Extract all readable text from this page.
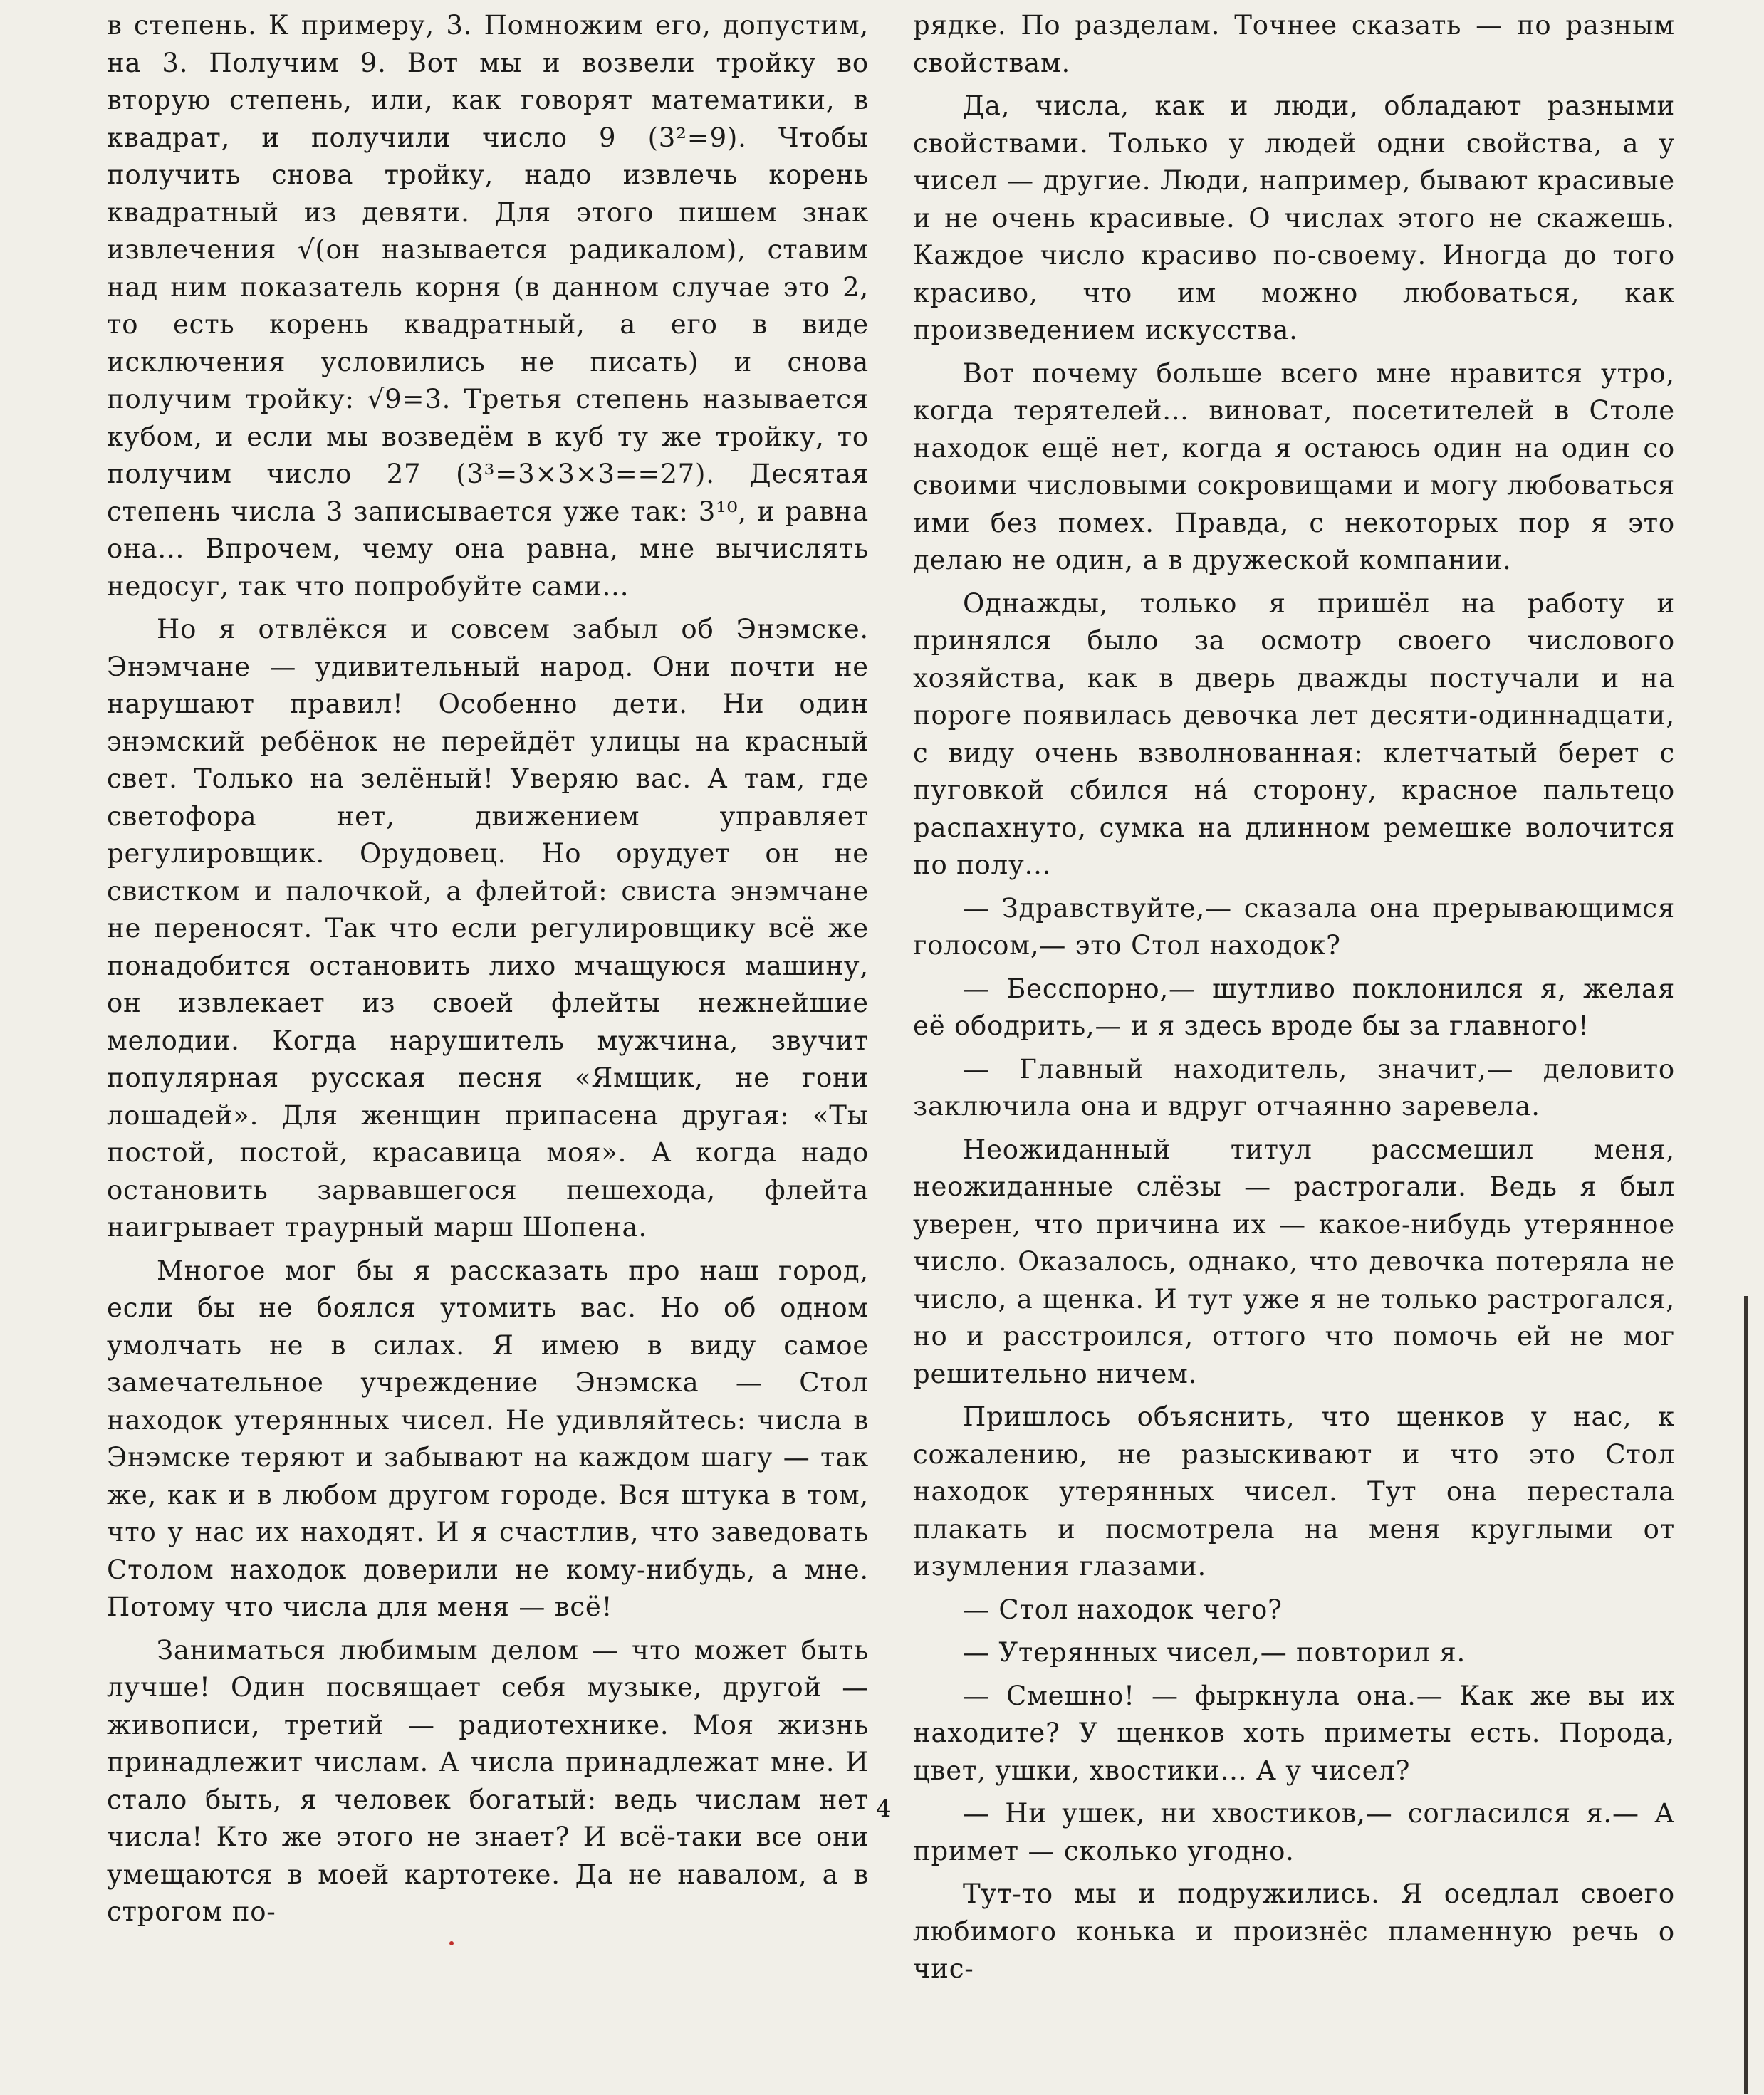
в степень. К примеру, 3. Помножим его, допустим, на 3. Получим 9. Вот мы и возвели тройку во вторую степень, или, как говорят математики, в квадрат, и получили число 9 (3²=9). Чтобы получить снова тройку, надо извлечь корень квадратный из девяти. Для этого пишем знак извлечения √(он называется радикалом), ставим над ним показатель корня (в данном случае это 2, то есть корень квадратный, а его в виде исключения условились не писать) и снова получим тройку: √9=3. Третья степень называется кубом, и если мы возведём в куб ту же тройку, то получим число 27 (3³=3×3×3==27). Десятая степень числа 3 записывается уже так: 3¹⁰, и равна она... Впрочем, чему она равна, мне вычислять недосуг, так что попробуйте сами...

Но я отвлёкся и совсем забыл об Энэмске. Энэмчане — удивительный народ. Они почти не нарушают правил! Особенно дети. Ни один энэмский ребёнок не перейдёт улицы на красный свет. Только на зелёный! Уверяю вас. А там, где светофора нет, движением управляет регулировщик. Орудовец. Но орудует он не свистком и палочкой, а флейтой: свиста энэмчане не переносят. Так что если регулировщику всё же понадобится остановить лихо мчащуюся машину, он извлекает из своей флейты нежнейшие мелодии. Когда нарушитель мужчина, звучит популярная русская песня «Ямщик, не гони лошадей». Для женщин припасена другая: «Ты постой, постой, красавица моя». А когда надо остановить зарвавшегося пешехода, флейта наигрывает траурный марш Шопена.

Многое мог бы я рассказать про наш город, если бы не боялся утомить вас. Но об одном умолчать не в силах. Я имею в виду самое замечательное учреждение Энэмска — Стол находок утерянных чисел. Не удивляйтесь: числа в Энэмске теряют и забывают на каждом шагу — так же, как и в любом другом городе. Вся штука в том, что у нас их находят. И я счастлив, что заведовать Столом находок доверили не кому-нибудь, а мне. Потому что числа для меня — всё!

Заниматься любимым делом — что может быть лучше! Один посвящает себя музыке, другой — живописи, третий — радиотехнике. Моя жизнь принадлежит числам. А числа принадлежат мне. И стало быть, я человек богатый: ведь числам нет числа! Кто же этого не знает? И всё-таки все они умещаются в моей картотеке. Да не навалом, а в строгом по-

рядке. По разделам. Точнее сказать — по разным свойствам.

Да, числа, как и люди, обладают разными свойствами. Только у людей одни свойства, а у чисел — другие. Люди, например, бывают красивые и не очень красивые. О числах этого не скажешь. Каждое число красиво по-своему. Иногда до того красиво, что им можно любоваться, как произведением искусства.

Вот почему больше всего мне нравится утро, когда терятелей... виноват, посетителей в Столе находок ещё нет, когда я остаюсь один на один со своими числовыми сокровищами и могу любоваться ими без помех. Правда, с некоторых пор я это делаю не один, а в дружеской компании.

Однажды, только я пришёл на работу и принялся было за осмотр своего числового хозяйства, как в дверь дважды постучали и на пороге появилась девочка лет десяти-одиннадцати, с виду очень взволнованная: клетчатый берет с пуговкой сбился на́ сторону, красное пальтецо распахнуто, сумка на длинном ремешке волочится по полу...

— Здравствуйте,— сказала она прерывающимся голосом,— это Стол находок?

— Бесспорно,— шутливо поклонился я, желая её ободрить,— и я здесь вроде бы за главного!

— Главный находитель, значит,— деловито заключила она и вдруг отчаянно заревела.

Неожиданный титул рассмешил меня, неожиданные слёзы — растрогали. Ведь я был уверен, что причина их — какое-нибудь утерянное число. Оказалось, однако, что девочка потеряла не число, а щенка. И тут уже я не только растрогался, но и расстроился, оттого что помочь ей не мог решительно ничем.

Пришлось объяснить, что щенков у нас, к сожалению, не разыскивают и что это Стол находок утерянных чисел. Тут она перестала плакать и посмотрела на меня круглыми от изумления глазами.

— Стол находок чего?

— Утерянных чисел,— повторил я.

— Смешно! — фыркнула она.— Как же вы их находите? У щенков хоть приметы есть. Порода, цвет, ушки, хвостики... А у чисел?

— Ни ушек, ни хвостиков,— согласился я.— А примет — сколько угодно.

Тут-то мы и подружились. Я оседлал своего любимого конька и произнёс пламенную речь о чис-

4
